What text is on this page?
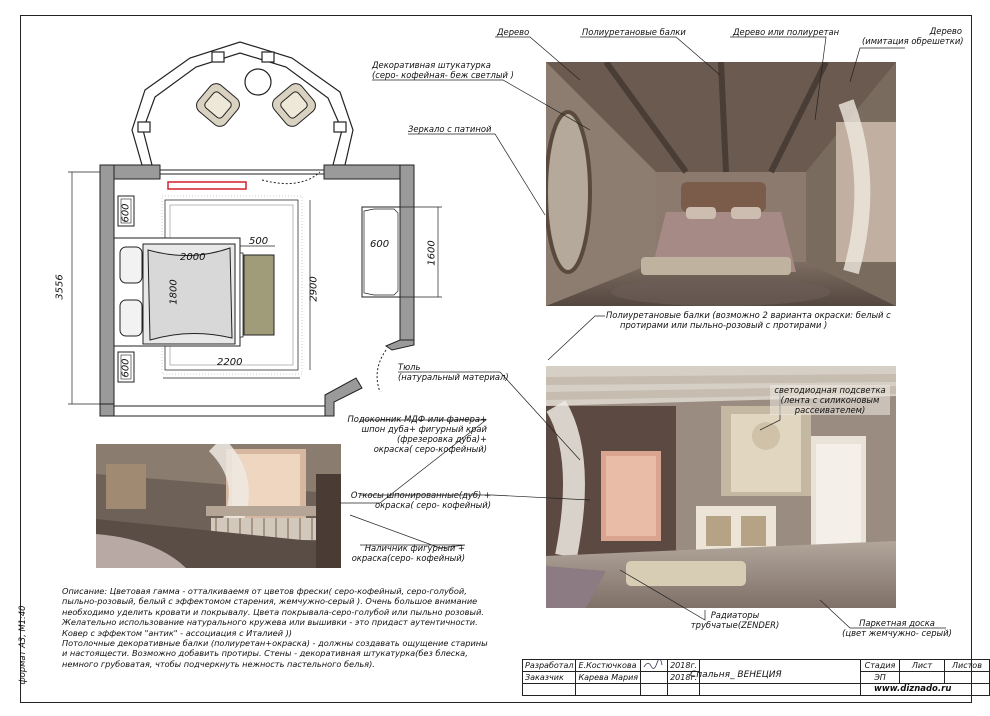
3556
2000
1800
500
2200
2900
600
600
600	1600
Дерево	Полиуретановые балки	Дерево или полиуретан	Дерево
(имитация обрешетки)
Декоративная штукатурка
(серо- кофейная- беж светлый )
Зеркало с патиной
Полиуретановые балки (возможно 2 варианта окраски: белый с
протирами или пыльно-розовый с протирами )
Тюль
(натуральный материал)
Подоконник МДФ или фанера+
шпон дуба+ фигурный край
(фрезеровка дуба)+
окраска( серо-кофейный)
Откосы шпонированные(дуб) +
окраска( серо- кофейный)
Наличник фигурный +
окраска(серо- кофейный)
светодиодная подсветка
(лента с силиконовым
рассеивателем)
Радиаторы
трубчатые(ZENDER)	Паркетная доска
(цвет жемчужно- серый)

Описание: Цветовая гамма - отталкиваемя от цветов фрески( серо-кофейный, серо-голубой, пыльно-розовый, белый с эффектомом старения, жемчужно-серый ). Очень большое внимание необходимо уделить кровати и покрывалу. Цвета покрывала-серо-голубой или пыльно розовый. Желательно использование натурального кружева или вышивки - это придаст аутентичности. Ковер с эффектом "антик" - ассоциация с Италией ))

Потолочные декоративные балки (полиуретан+окраска) - должны создавать ощущение старины и настоящести. Возможно добавить протиры. Стены - декоративная штукатурка(без блеска, немного грубоватая, чтобы подчеркнуть нежность пастельного белья).

формат А3, М1:40	Разработал	Е.Костючкова		2018г.		Стадия	Лист	Листов
Заказчик	Карева Мария		2018г.		ЭП		

Спальня_ ВЕНЕЦИЯ
www.diznado.ru
